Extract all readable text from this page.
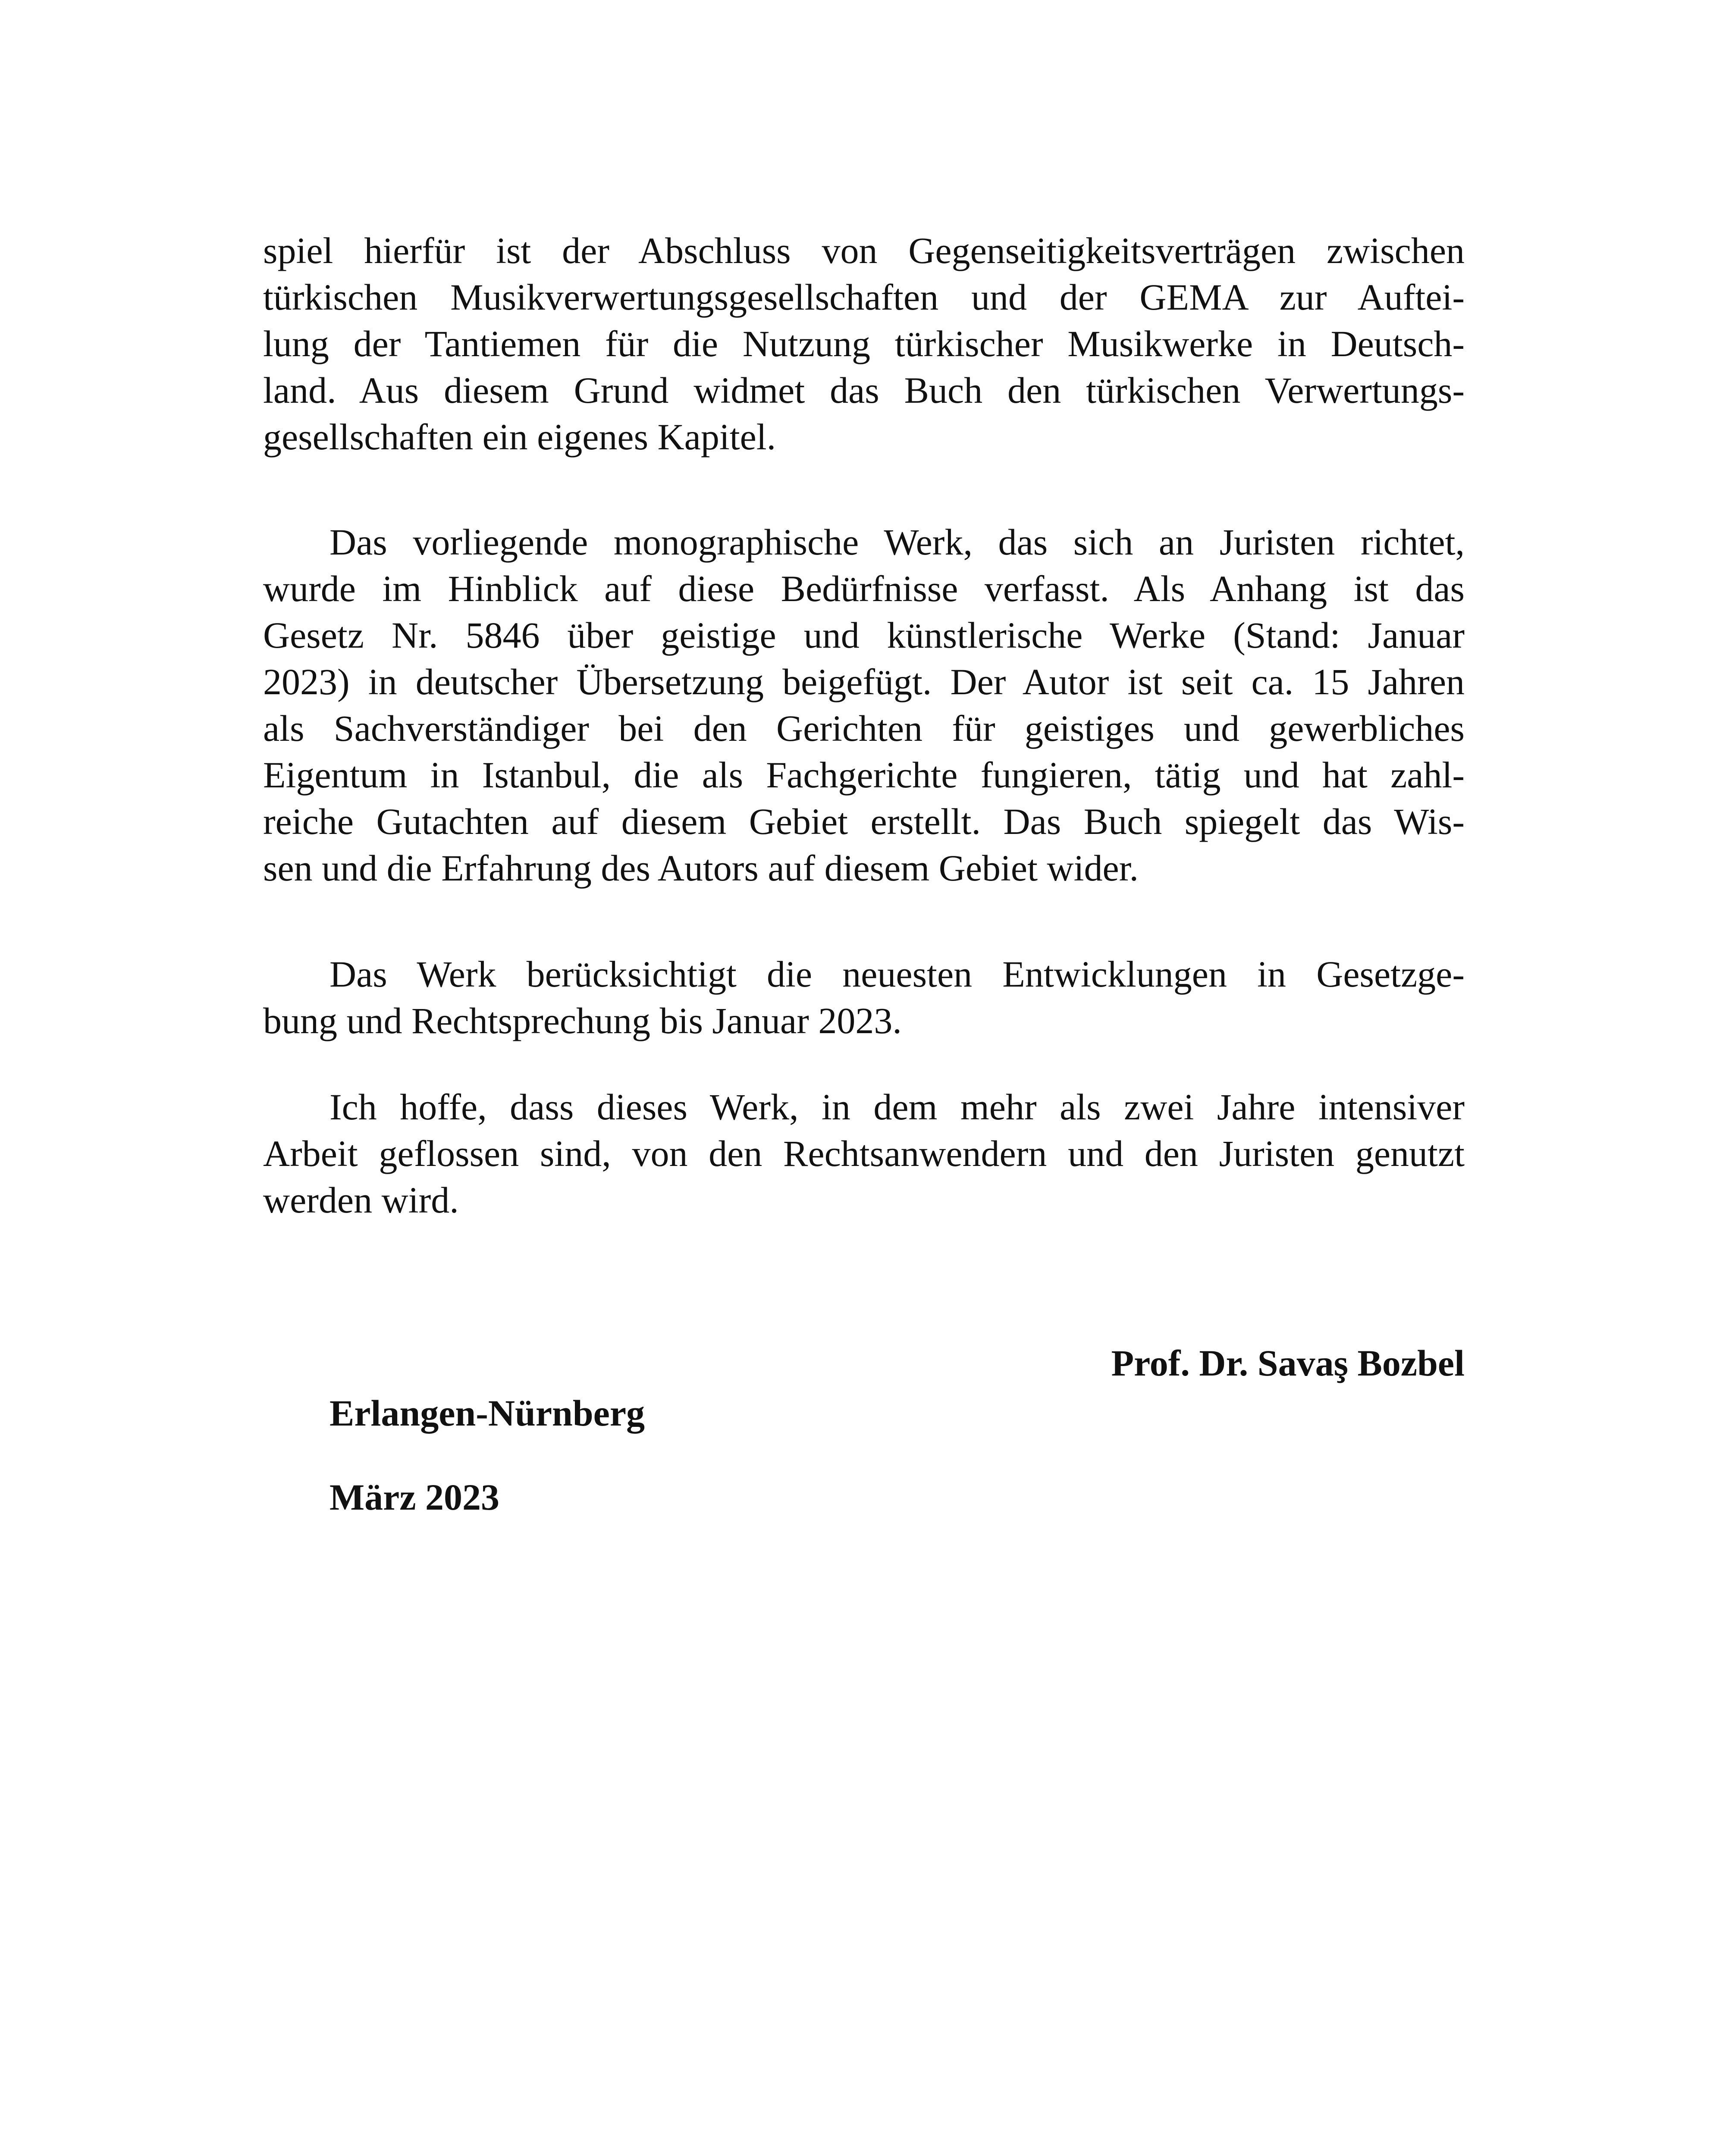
spiel hierfür ist der Abschluss von Gegenseitigkeitsverträgen zwischen
türkischen Musikverwertungsgesellschaften und der GEMA zur Auftei-
lung der Tantiemen für die Nutzung türkischer Musikwerke in Deutsch-
land. Aus diesem Grund widmet das Buch den türkischen Verwertungs-
gesellschaften ein eigenes Kapitel.
Das vorliegende monographische Werk, das sich an Juristen richtet,
wurde im Hinblick auf diese Bedürfnisse verfasst. Als Anhang ist das
Gesetz Nr. 5846 über geistige und künstlerische Werke (Stand: Januar
2023) in deutscher Übersetzung beigefügt. Der Autor ist seit ca. 15 Jahren
als Sachverständiger bei den Gerichten für geistiges und gewerbliches
Eigentum in Istanbul, die als Fachgerichte fungieren, tätig und hat zahl-
reiche Gutachten auf diesem Gebiet erstellt. Das Buch spiegelt das Wis-
sen und die Erfahrung des Autors auf diesem Gebiet wider.
Das Werk berücksichtigt die neuesten Entwicklungen in Gesetzge-
bung und Rechtsprechung bis Januar 2023.
Ich hoffe, dass dieses Werk, in dem mehr als zwei Jahre intensiver
Arbeit geflossen sind, von den Rechtsanwendern und den Juristen genutzt
werden wird.
Prof. Dr. Savaş Bozbel
Erlangen-Nürnberg
März 2023
